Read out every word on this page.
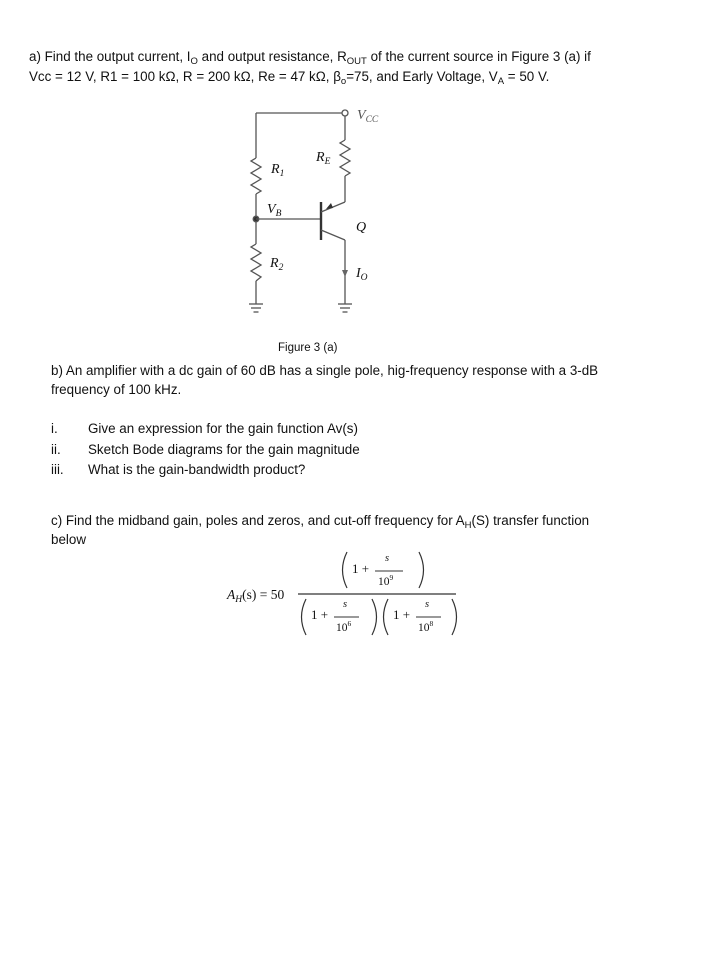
a) Find the output current, $I_O$ and output resistance, $R_{OUT}$ of the current source in Figure 3 (a) if
Vcc = 12 V, R1 = 100 kΩ, R = 200 kΩ, Re = 47 kΩ, $\beta_o=75$, and Early Voltage, $V_A = 50$ V.
$V_{CC}$
$R_E$
$R_1$
$V_B$
Q
$R_2$	$I_O$
Figure 3 (a)
b) An amplifier with a dc gain of 60 dB has a single pole, hig-frequency response with a 3-dB
frequency of 100 kHz.
i. Give an expression for the gain function Av(s)
ii. Sketch Bode diagrams for the gain magnitude
iii. What is the gain-bandwidth product?
c) Find the midband gain, poles and zeros, and cut-off frequency for $A_H(S)$ transfer function
below
$A_H(s) = 50$
1 +
s
$10^9$
1 +
s
$10^6$
1 +
s
$10^8$
